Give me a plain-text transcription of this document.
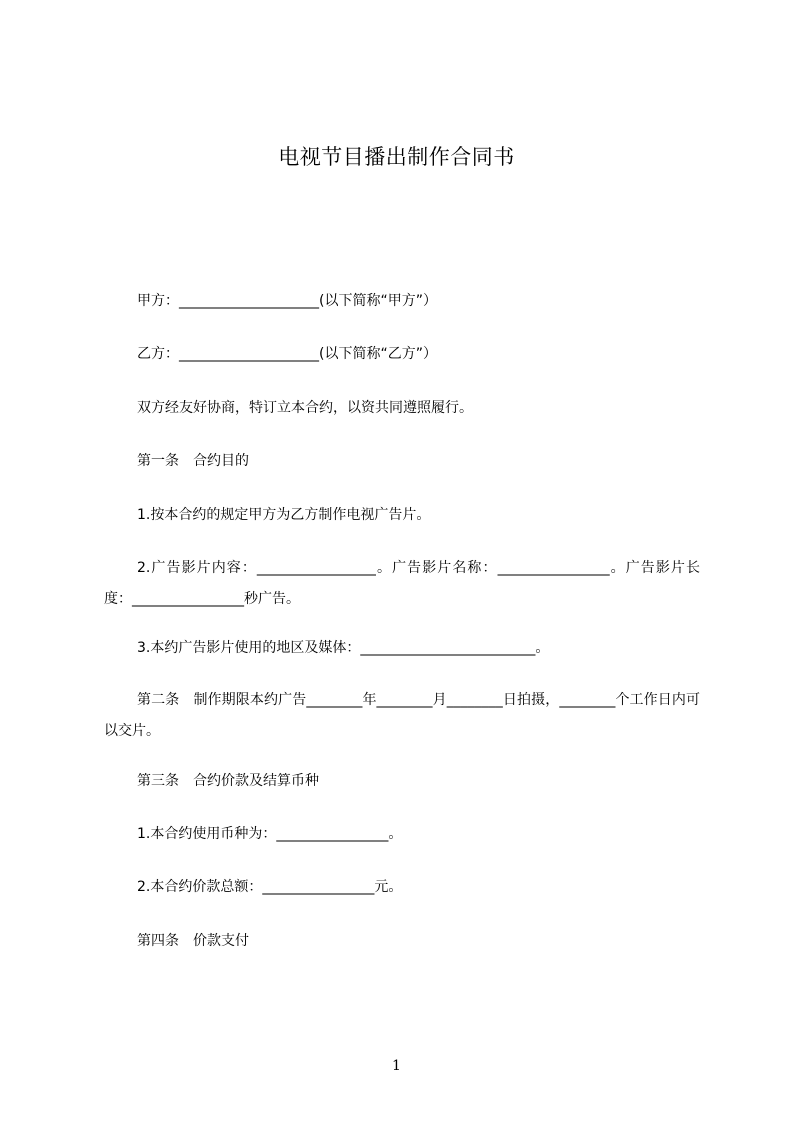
电视节目播出制作合同书
甲方：____________________(以下简称“甲方”）
乙方：____________________(以下简称“乙方”）
双方经友好协商，特订立本合约，以资共同遵照履行。
第一条　合约目的
1.按本合约的规定甲方为乙方制作电视广告片。
2.广告影片内容：_________________。广告影片名称：________________。广告影片长度：________________秒广告。
3.本约广告影片使用的地区及媒体：_________________________。
第二条　制作期限本约广告________年________月________日拍摄，________个工作日内可以交片。
第三条　合约价款及结算币种
1.本合约使用币种为：________________。
2.本合约价款总额：________________元。
第四条　价款支付
1
